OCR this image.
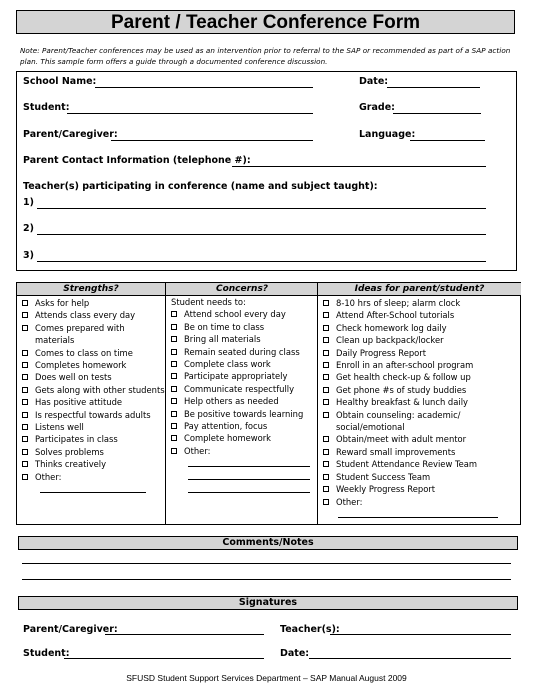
Parent / Teacher Conference Form
Note: Parent/Teacher conferences may be used as an intervention prior to referral to the SAP or recommended as part of a SAP action plan. This sample form offers a guide through a documented conference discussion.
School Name:	Date:
Student:	Grade:
Parent/Caregiver:	Language:
Parent Contact Information (telephone #):
Teacher(s) participating in conference (name and subject taught):
1)
2)
3)
Strengths?
Asks for help
Attends class every day
Comes prepared with materials
Comes to class on time
Completes homework
Does well on tests
Gets along with other students
Has positive attitude
Is respectful towards adults
Listens well
Participates in class
Solves problems
Thinks creatively
Other:
Concerns?
Student needs to:
Attend school every day
Be on time to class
Bring all materials
Remain seated during class
Complete class work
Participate appropriately
Communicate respectfully
Help others as needed
Be positive towards learning
Pay attention, focus
Complete homework
Other:
Ideas for parent/student?
8-10 hrs of sleep; alarm clock
Attend After-School tutorials
Check homework log daily
Clean up backpack/locker
Daily Progress Report
Enroll in an after-school program
Get health check-up & follow up
Get phone #s of study buddies
Healthy breakfast & lunch daily
Obtain counseling: academic/ social/emotional
Obtain/meet with adult mentor
Reward small improvements
Student Attendance Review Team
Student Success Team
Weekly Progress Report
Other:
Comments/Notes
Signatures
Parent/Caregiver:	Teacher(s):
Student:	Date:
SFUSD Student Support Services Department – SAP Manual August 2009
